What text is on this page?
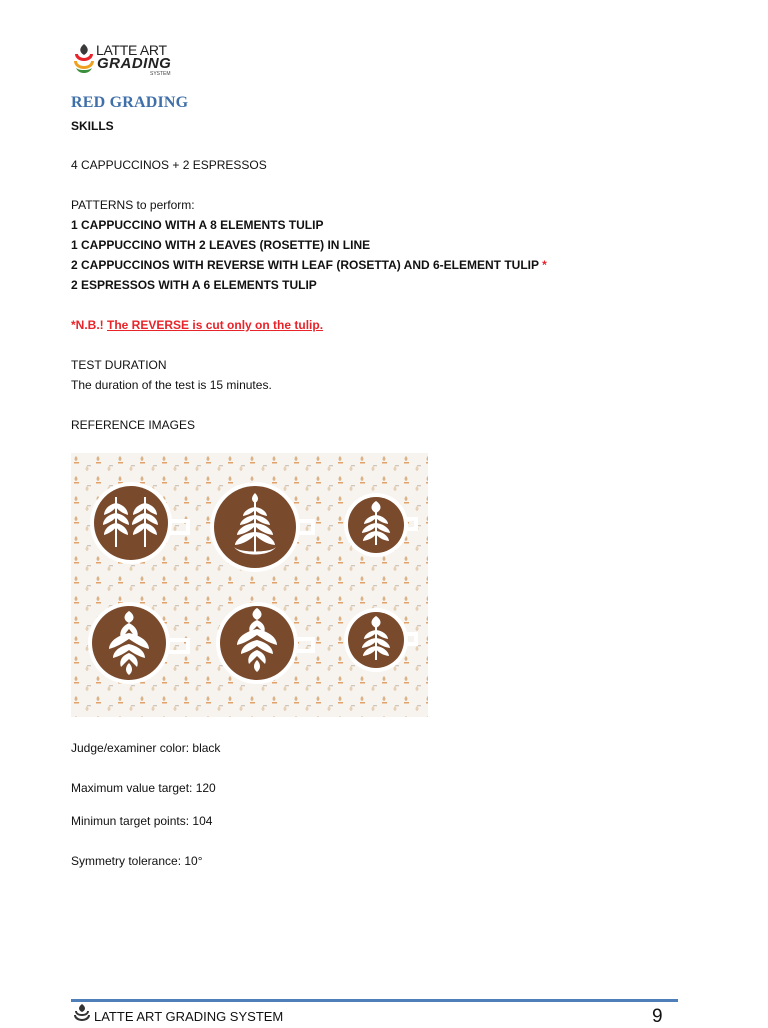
LATTE ART
GRADING
SYSTEM
RED GRADING
SKILLS
4 CAPPUCCINOS + 2 ESPRESSOS
PATTERNS to perform:
1 CAPPUCCINO WITH A 8 ELEMENTS TULIP
1 CAPPUCCINO WITH 2 LEAVES (ROSETTE) IN LINE
2 CAPPUCCINOS WITH REVERSE WITH LEAF (ROSETTA) AND 6-ELEMENT TULIP *
2 ESPRESSOS WITH A 6 ELEMENTS TULIP
*N.B.! The REVERSE is cut only on the tulip.
TEST DURATION
The duration of the test is 15 minutes.
REFERENCE IMAGES
Judge/examiner color: black
Maximum value target: 120
Minimun target points: 104
Symmetry tolerance: 10°
LATTE ART GRADING SYSTEM	9
